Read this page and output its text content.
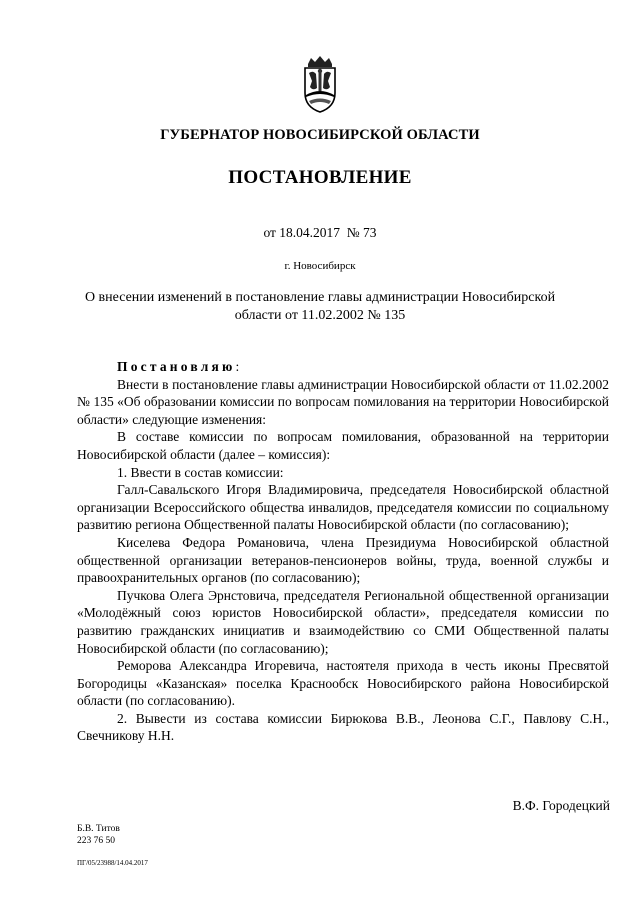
ГУБЕРНАТОР НОВОСИБИРСКОЙ ОБЛАСТИ
ПОСТАНОВЛЕНИЕ
от 18.04.2017  № 73
г. Новосибирск
О внесении изменений в постановление главы администрации Новосибирской
области от 11.02.2002 № 135

Постановляю:

Внести в постановление главы администрации Новосибирской области от 11.02.2002 № 135 «Об образовании комиссии по вопросам помилования на территории Новосибирской области» следующие изменения:

В составе комиссии по вопросам помилования, образованной на территории Новосибирской области (далее – комиссия):

1. Ввести в состав комиссии:

Галл-Савальского Игоря Владимировича, председателя Новосибирской областной организации Всероссийского общества инвалидов, председателя комиссии по социальному развитию региона Общественной палаты Новосибирской области (по согласованию);

Киселева Федора Романовича, члена Президиума Новосибирской областной общественной организации ветеранов-пенсионеров войны, труда, военной службы и правоохранительных органов (по согласованию);

Пучкова Олега Эрнстовича, председателя Региональной общественной организации «Молодёжный союз юристов Новосибирской области», председателя комиссии по развитию гражданских инициатив и взаимодействию со СМИ Общественной палаты Новосибирской области (по согласованию);

Реморова Александра Игоревича, настоятеля прихода в честь иконы Пресвятой Богородицы «Казанская» поселка Краснообск Новосибирского района Новосибирской области (по согласованию).

2. Вывести из состава комиссии Бирюкова В.В., Леонова С.Г., Павлову С.Н., Свечникову Н.Н.

В.Ф. Городецкий
Б.В. Титов
223 76 50
ПГ/05/23988/14.04.2017
